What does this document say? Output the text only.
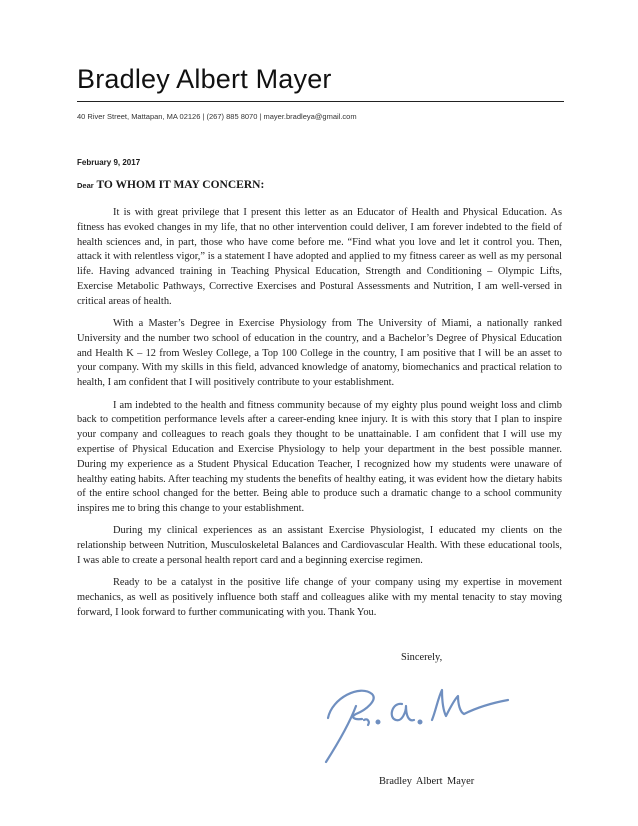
Bradley Albert Mayer
40 River Street, Mattapan, MA 02126 | (267) 885 8070 | mayer.bradleya@gmail.com
February 9, 2017
Dear TO WHOM IT MAY CONCERN:

It is with great privilege that I present this letter as an Educator of Health and Physical Education. As fitness has evoked changes in my life, that no other intervention could deliver, I am forever indebted to the field of health sciences and, in part, those who have come before me. “Find what you love and let it control you. Then, attack it with relentless vigor,” is a statement I have adopted and applied to my fitness career as well as my personal life. Having advanced training in Teaching Physical Education, Strength and Conditioning – Olympic Lifts, Exercise Metabolic Pathways, Corrective Exercises and Postural Assessments and Nutrition, I am well-versed in critical areas of health.

With a Master’s Degree in Exercise Physiology from The University of Miami, a nationally ranked University and the number two school of education in the country, and a Bachelor’s Degree of Physical Education and Health K – 12 from Wesley College, a Top 100 College in the country, I am positive that I will be an asset to your company. With my skills in this field, advanced knowledge of anatomy, biomechanics and practical relation to health, I am confident that I will positively contribute to your establishment.

I am indebted to the health and fitness community because of my eighty plus pound weight loss and climb back to competition performance levels after a career-ending knee injury. It is with this story that I plan to inspire your company and colleagues to reach goals they thought to be unattainable. I am confident that I will use my expertise of Physical Education and Exercise Physiology to help your department in the best possible manner. During my experience as a Student Physical Education Teacher, I recognized how my students were unaware of healthy eating habits. After teaching my students the benefits of healthy eating, it was evident how the dietary habits of the entire school changed for the better. Being able to produce such a dramatic change to a school community inspires me to bring this change to your establishment.

During my clinical experiences as an assistant Exercise Physiologist, I educated my clients on the relationship between Nutrition, Musculoskeletal Balances and Cardiovascular Health. With these educational tools, I was able to create a personal health report card and a beginning exercise regimen.

Ready to be a catalyst in the positive life change of your company using my expertise in movement mechanics, as well as positively influence both staff and colleagues alike with my mental tenacity to stay moving forward, I look forward to further communicating with you. Thank You.

Sincerely,
Bradley Albert Mayer
